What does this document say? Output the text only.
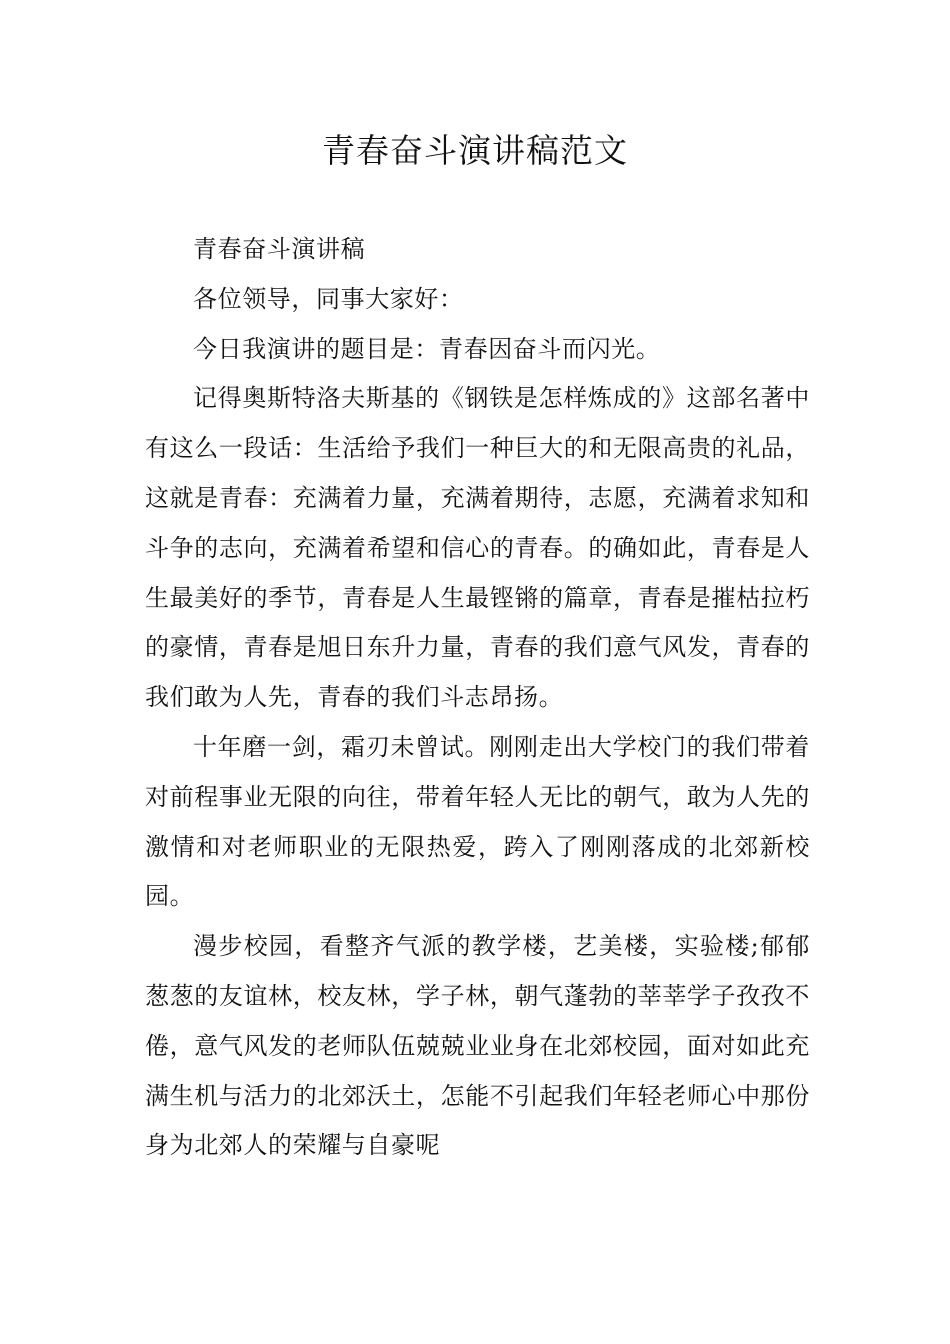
青春奋斗演讲稿范文

青春奋斗演讲稿

各位领导，同事大家好：

今日我演讲的题目是：青春因奋斗而闪光。

记得奥斯特洛夫斯基的《钢铁是怎样炼成的》这部名著中有这么一段话：生活给予我们一种巨大的和无限高贵的礼品，这就是青春：充满着力量，充满着期待，志愿，充满着求知和斗争的志向，充满着希望和信心的青春。的确如此，青春是人生最美好的季节，青春是人生最铿锵的篇章，青春是摧枯拉朽的豪情，青春是旭日东升力量，青春的我们意气风发，青春的我们敢为人先，青春的我们斗志昂扬。

十年磨一剑，霜刃未曾试。刚刚走出大学校门的我们带着对前程事业无限的向往，带着年轻人无比的朝气，敢为人先的激情和对老师职业的无限热爱，跨入了刚刚落成的北郊新校园。

漫步校园，看整齐气派的教学楼，艺美楼，实验楼;郁郁葱葱的友谊林，校友林，学子林，朝气蓬勃的莘莘学子孜孜不倦，意气风发的老师队伍兢兢业业身在北郊校园，面对如此充满生机与活力的北郊沃土，怎能不引起我们年轻老师心中那份身为北郊人的荣耀与自豪呢
